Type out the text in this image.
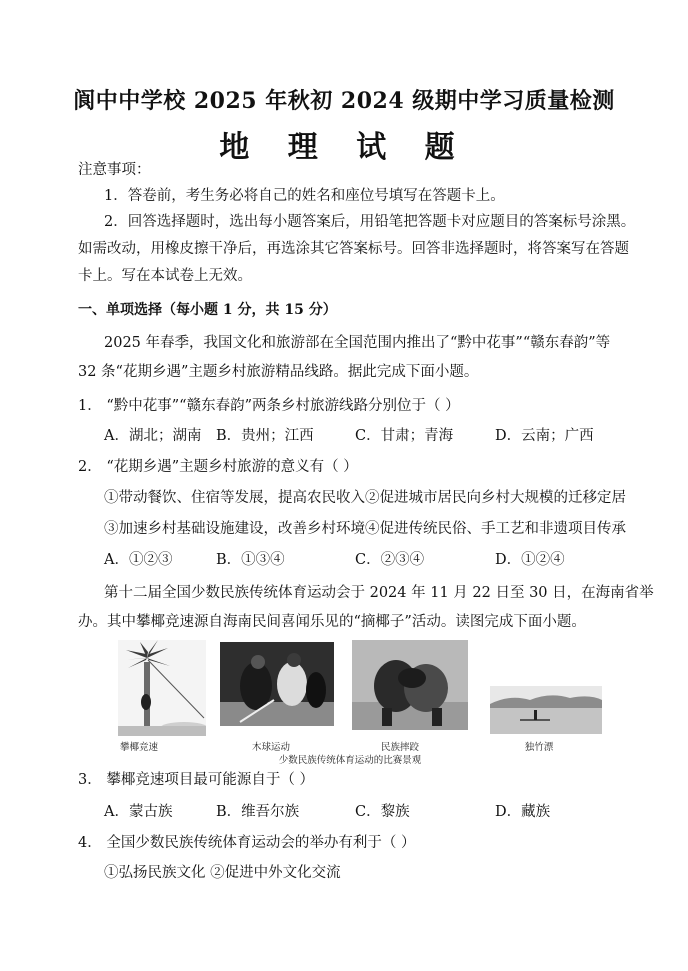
阆中中学校 2025 年秋初 2024 级期中学习质量检测
地 理 试 题
注意事项：
1．答卷前，考生务必将自己的姓名和座位号填写在答题卡上。
2．回答选择题时，选出每小题答案后，用铅笔把答题卡对应题目的答案标号涂黑。
如需改动，用橡皮擦干净后，再选涂其它答案标号。回答非选择题时，将答案写在答题
卡上。写在本试卷上无效。
一、单项选择（每小题 1 分，共 15 分）
2025 年春季，我国文化和旅游部在全国范围内推出了“黔中花事”“赣东春韵”等
32 条“花期乡遇”主题乡村旅游精品线路。据此完成下面小题。
1． “黔中花事”“赣东春韵”两条乡村旅游线路分别位于（ ）
A．湖北；湖南 B．贵州；江西	C．甘肃；青海	D．云南；广西
2． “花期乡遇”主题乡村旅游的意义有（ ）
①带动餐饮、住宿等发展，提高农民收入②促进城市居民向乡村大规模的迁移定居
③加速乡村基础设施建设，改善乡村环境④促进传统民俗、手工艺和非遗项目传承
A．①②③	B．①③④	C．②③④	D．①②④
第十二届全国少数民族传统体育运动会于 2024 年 11 月 22 日至 30 日，在海南省举
办。其中攀椰竞速源自海南民间喜闻乐见的“摘椰子”活动。读图完成下面小题。
攀椰竞速	木球运动	民族摔跤	独竹漂
少数民族传统体育运动的比赛景观
3． 攀椰竞速项目最可能源自于（ ）
A．蒙古族	B．维吾尔族	C．黎族	D．藏族
4． 全国少数民族传统体育运动会的举办有利于（ ）
①弘扬民族文化 ②促进中外文化交流
